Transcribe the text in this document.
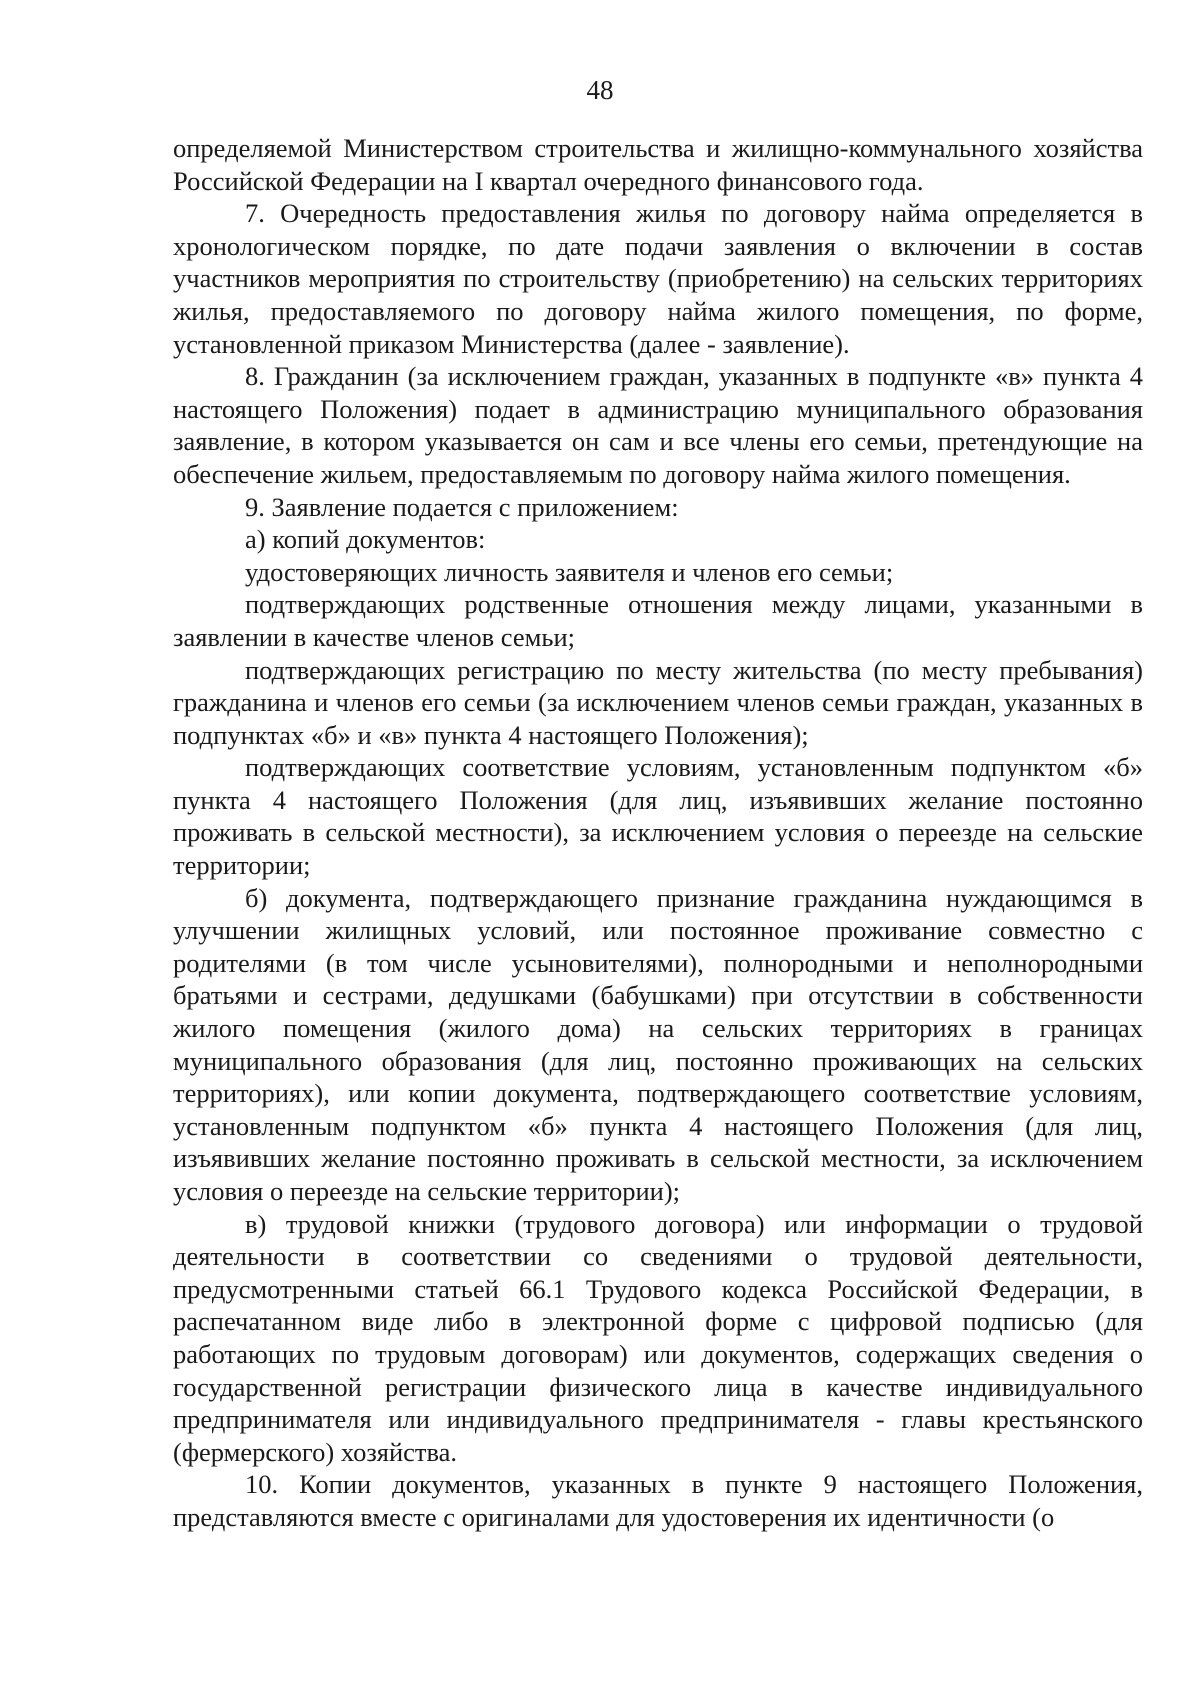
48

определяемой Министерством строительства и жилищно-коммунального хозяйства Российской Федерации на I квартал очередного финансового года.

7. Очередность предоставления жилья по договору найма определяется в хронологическом порядке, по дате подачи заявления о включении в состав участников мероприятия по строительству (приобретению) на сельских территориях жилья, предоставляемого по договору найма жилого помещения, по форме, установленной приказом Министерства (далее - заявление).

8. Гражданин (за исключением граждан, указанных в подпункте «в» пункта 4 настоящего Положения) подает в администрацию муниципального образования заявление, в котором указывается он сам и все члены его семьи, претендующие на обеспечение жильем, предоставляемым по договору найма жилого помещения.

9. Заявление подается с приложением:

а) копий документов:

удостоверяющих личность заявителя и членов его семьи;

подтверждающих родственные отношения между лицами, указанными в заявлении в качестве членов семьи;

подтверждающих регистрацию по месту жительства (по месту пребывания) гражданина и членов его семьи (за исключением членов семьи граждан, указанных в подпунктах «б» и «в» пункта 4 настоящего Положения);

подтверждающих соответствие условиям, установленным подпунктом «б» пункта 4 настоящего Положения (для лиц, изъявивших желание постоянно проживать в сельской местности), за исключением условия о переезде на сельские территории;

б) документа, подтверждающего признание гражданина нуждающимся в улучшении жилищных условий, или постоянное проживание совместно с родителями (в том числе усыновителями), полнородными и неполнородными братьями и сестрами, дедушками (бабушками) при отсутствии в собственности жилого помещения (жилого дома) на сельских территориях в границах муниципального образования (для лиц, постоянно проживающих на сельских территориях), или копии документа, подтверждающего соответствие условиям, установленным подпунктом «б» пункта 4 настоящего Положения (для лиц, изъявивших желание постоянно проживать в сельской местности, за исключением условия о переезде на сельские территории);

в) трудовой книжки (трудового договора) или информации о трудовой деятельности в соответствии со сведениями о трудовой деятельности, предусмотренными статьей 66.1 Трудового кодекса Российской Федерации, в распечатанном виде либо в электронной форме с цифровой подписью (для работающих по трудовым договорам) или документов, содержащих сведения о государственной регистрации физического лица в качестве индивидуального предпринимателя или индивидуального предпринимателя - главы крестьянского (фермерского) хозяйства.

10. Копии документов, указанных в пункте 9 настоящего Положения, представляются вместе с оригиналами для удостоверения их идентичности (о
